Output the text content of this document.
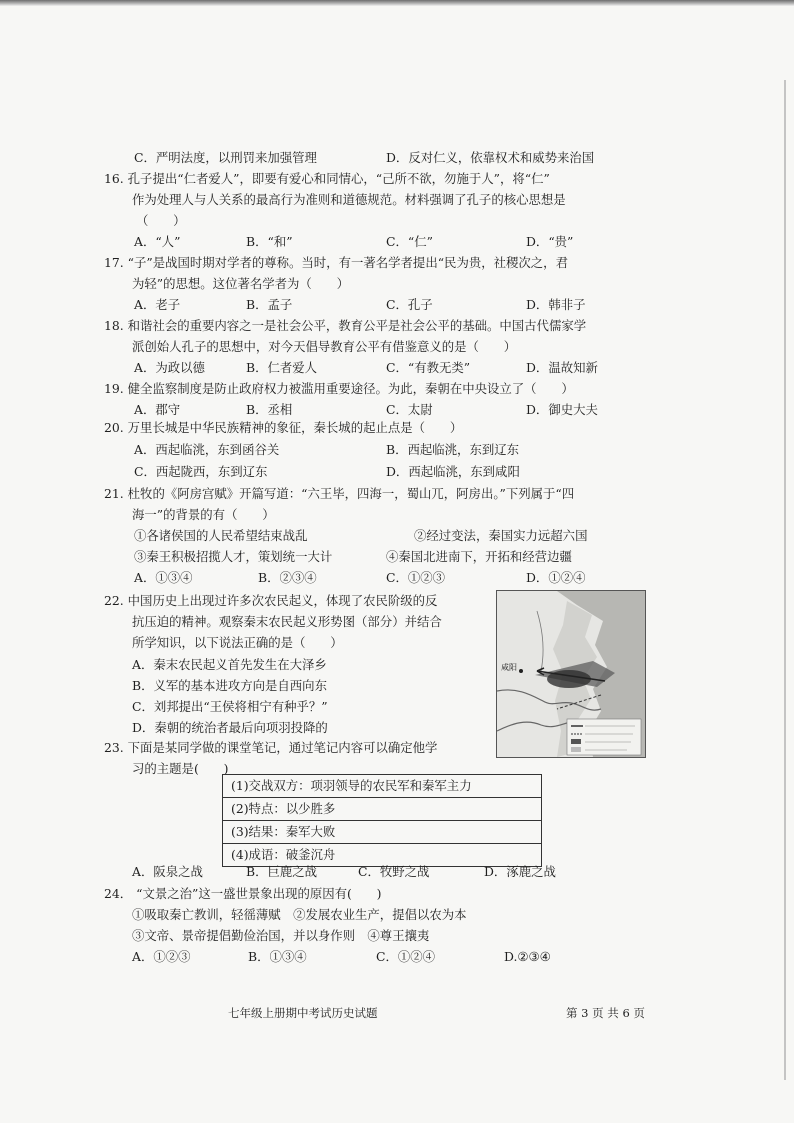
C．严明法度，以刑罚来加强管理	D．反对仁义，依靠权术和威势来治国
16. 孔子提出“仁者爱人”，即要有爱心和同情心，“己所不欲，勿施于人”，将“仁”
作为处理人与人关系的最高行为准则和道德规范。材料强调了孔子的核心思想是
（　　）
A．“人”	B．“和”	C．“仁”	D．“贵”
17. “子”是战国时期对学者的尊称。当时，有一著名学者提出“民为贵，社稷次之，君
为轻”的思想。这位著名学者为（　　）
A．老子	B．孟子	C．孔子	D．韩非子
18. 和谐社会的重要内容之一是社会公平，教育公平是社会公平的基础。中国古代儒家学
派创始人孔子的思想中，对今天倡导教育公平有借鉴意义的是（　　）
A．为政以德	B．仁者爱人	C．“有教无类”	D．温故知新
19. 健全监察制度是防止政府权力被滥用重要途径。为此，秦朝在中央设立了（　　）
A．郡守	B．丞相	C．太尉	D．御史大夫
20. 万里长城是中华民族精神的象征，秦长城的起止点是（　　）
A．西起临洮，东到函谷关	B．西起临洮，东到辽东
C．西起陇西，东到辽东	D．西起临洮，东到咸阳
21. 杜牧的《阿房宫赋》开篇写道：“六王毕，四海一，蜀山兀，阿房出。”下列属于“四
海一”的背景的有（　　）
①各诸侯国的人民希望结束战乱	②经过变法，秦国实力远超六国
③秦王积极招揽人才，策划统一大计	④秦国北进南下，开拓和经营边疆
A．①③④	B．②③④	C．①②③	D．①②④
22. 中国历史上出现过许多次农民起义，体现了农民阶级的反
抗压迫的精神。观察秦末农民起义形势图（部分）并结合
所学知识，以下说法正确的是（　　）
A．秦末农民起义首先发生在大泽乡
B．义军的基本进攻方向是自西向东
C．刘邦提出“王侯将相宁有种乎？”
D．秦朝的统治者最后向项羽投降的
咸阳
23. 下面是某同学做的课堂笔记，通过笔记内容可以确定他学
习的主题是(　　)
(1)交战双方：项羽领导的农民军和秦军主力
(2)特点：以少胜多
(3)结果：秦军大败
(4)成语：破釜沉舟
A．阪泉之战	B．巨鹿之战	C．牧野之战	D．涿鹿之战
24． “文景之治”这一盛世景象出现的原因有(　　)
①吸取秦亡教训，轻徭薄赋　②发展农业生产，提倡以农为本
③文帝、景帝提倡勤俭治国，并以身作则　④尊王攘夷
A．①②③	B．①③④	C．①②④	D.②③④
七年级上册期中考试历史试题	第 3 页 共 6 页
